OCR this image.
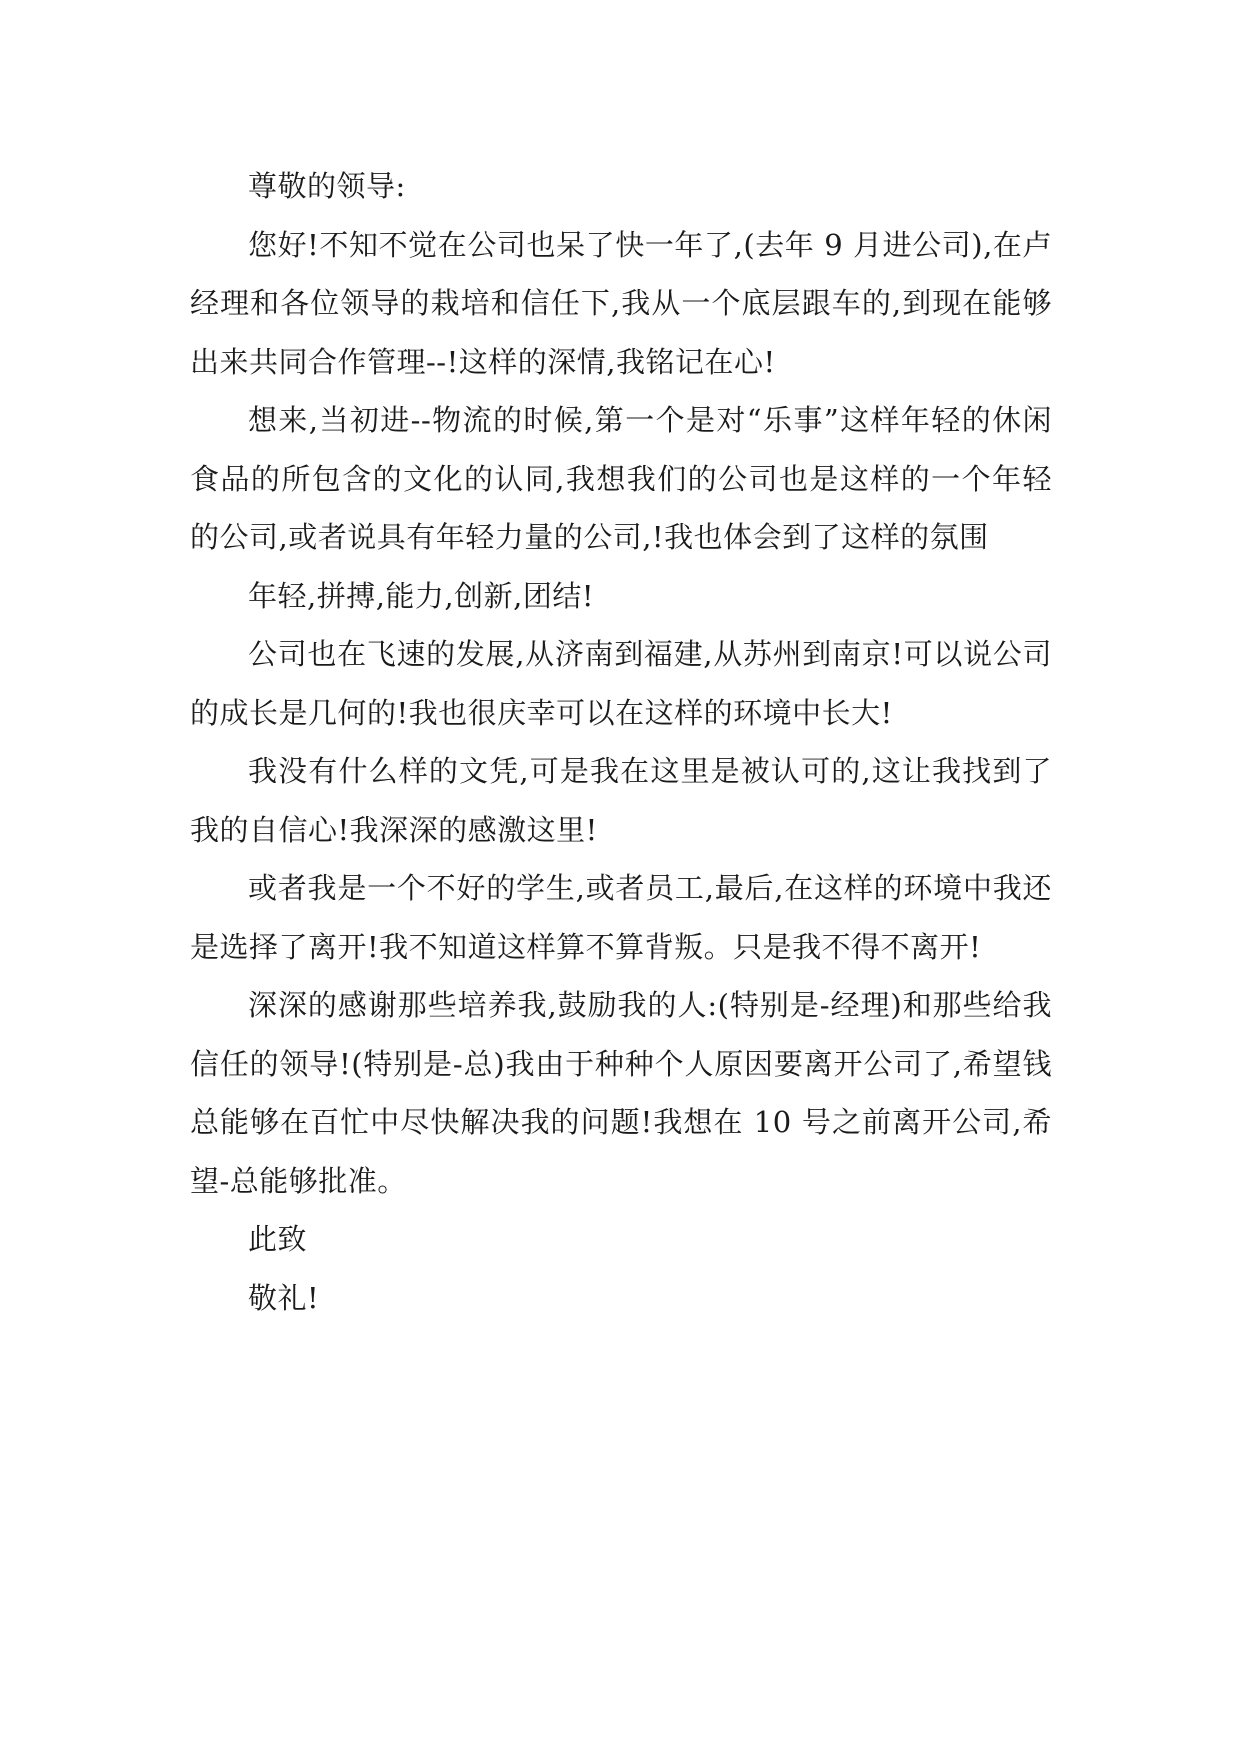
尊敬的领导:

您好!不知不觉在公司也呆了快一年了,(去年 9 月进公司),在卢经理和各位领导的栽培和信任下,我从一个底层跟车的,到现在能够出来共同合作管理--!这样的深情,我铭记在心!

想来,当初进--物流的时候,第一个是对“乐事”这样年轻的休闲食品的所包含的文化的认同,我想我们的公司也是这样的一个年轻的公司,或者说具有年轻力量的公司,!我也体会到了这样的氛围

年轻,拼搏,能力,创新,团结!

公司也在飞速的发展,从济南到福建,从苏州到南京!可以说公司的成长是几何的!我也很庆幸可以在这样的环境中长大!

我没有什么样的文凭,可是我在这里是被认可的,这让我找到了我的自信心!我深深的感激这里!

或者我是一个不好的学生,或者员工,最后,在这样的环境中我还是选择了离开!我不知道这样算不算背叛。只是我不得不离开!

深深的感谢那些培养我,鼓励我的人:(特别是-经理)和那些给我信任的领导!(特别是-总)我由于种种个人原因要离开公司了,希望钱总能够在百忙中尽快解决我的问题!我想在 10 号之前离开公司,希望-总能够批准。

此致

敬礼!
